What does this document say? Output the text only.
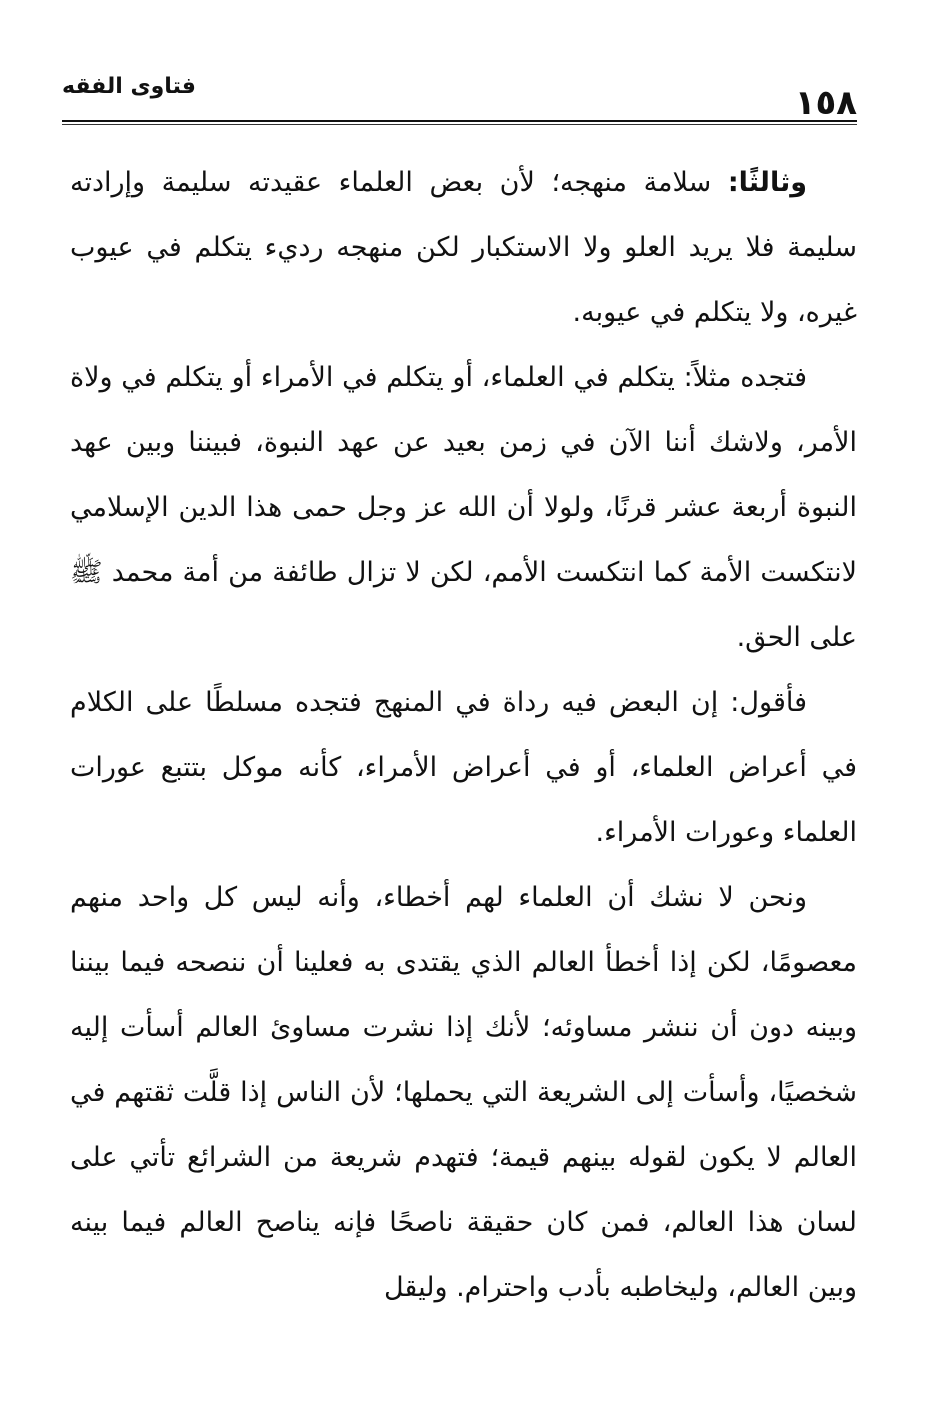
١٥٨
فتاوى الفقه

وثالثًا: سلامة منهجه؛ لأن بعض العلماء عقيدته سليمة وإرادته سليمة فلا يريد العلو ولا الاستكبار لكن منهجه رديء يتكلم في عيوب غيره، ولا يتكلم في عيوبه.

فتجده مثلاً: يتكلم في العلماء، أو يتكلم في الأمراء أو يتكلم في ولاة الأمر، ولاشك أننا الآن في زمن بعيد عن عهد النبوة، فبيننا وبين عهد النبوة أربعة عشر قرنًا، ولولا أن الله عز وجل حمى هذا الدين الإسلامي لانتكست الأمة كما انتكست الأمم، لكن لا تزال طائفة من أمة محمد ﷺ على الحق.

فأقول: إن البعض فيه رداة في المنهج فتجده مسلطًا على الكلام في أعراض العلماء، أو في أعراض الأمراء، كأنه موكل بتتبع عورات العلماء وعورات الأمراء.

ونحن لا نشك أن العلماء لهم أخطاء، وأنه ليس كل واحد منهم معصومًا، لكن إذا أخطأ العالم الذي يقتدى به فعلينا أن ننصحه فيما بيننا وبينه دون أن ننشر مساوئه؛ لأنك إذا نشرت مساوئ العالم أسأت إليه شخصيًا، وأسأت إلى الشريعة التي يحملها؛ لأن الناس إذا قلَّت ثقتهم في العالم لا يكون لقوله بينهم قيمة؛ فتهدم شريعة من الشرائع تأتي على لسان هذا العالم، فمن كان حقيقة ناصحًا فإنه يناصح العالم فيما بينه وبين العالم، وليخاطبه بأدب واحترام. وليقل
